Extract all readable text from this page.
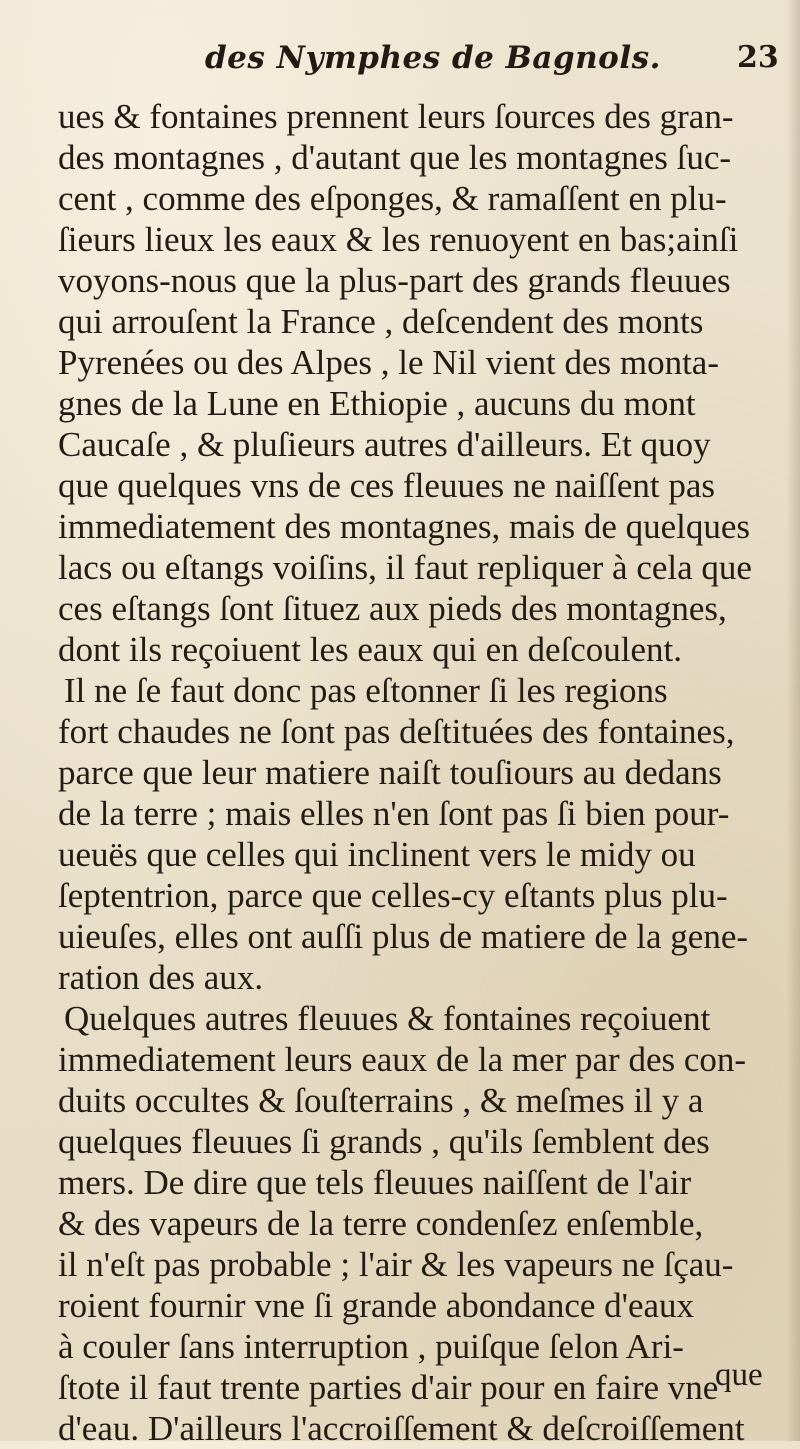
des Nymphes de Bagnols.	23
ues & fontaines prennent leurs ſources des gran-
des montagnes , d'autant que les montagnes ſuc-
cent , comme des eſponges, & ramaſſent en plu-
ſieurs lieux les eaux & les renuoyent en bas;ainſi
voyons-nous que la plus-part des grands fleuues
qui arrouſent la France , deſcendent des monts
Pyrenées ou des Alpes , le Nil vient des monta-
gnes de la Lune en Ethiopie , aucuns du mont
Caucaſe , & pluſieurs autres d'ailleurs. Et quoy
que quelques vns de ces fleuues ne naiſſent pas
immediatement des montagnes, mais de quelques
lacs ou eſtangs voiſins, il faut repliquer à cela que
ces eſtangs ſont ſituez aux pieds des montagnes,
dont ils reçoiuent les eaux qui en deſcoulent.
Il ne ſe faut donc pas eſtonner ſi les regions
fort chaudes ne ſont pas deſtituées des fontaines,
parce que leur matiere naiſt touſiours au dedans
de la terre ; mais elles n'en ſont pas ſi bien pour-
ueuës que celles qui inclinent vers le midy ou
ſeptentrion, parce que celles-cy eſtants plus plu-
uieuſes, elles ont auſſi plus de matiere de la gene-
ration des aux.
Quelques autres fleuues & fontaines reçoiuent
immediatement leurs eaux de la mer par des con-
duits occultes & ſouſterrains , & meſmes il y a
quelques fleuues ſi grands , qu'ils ſemblent des
mers. De dire que tels fleuues naiſſent de l'air
& des vapeurs de la terre condenſez enſemble,
il n'eſt pas probable ; l'air & les vapeurs ne ſçau-
roient fournir vne ſi grande abondance d'eaux
à couler ſans interruption , puiſque ſelon Ari-
ſtote il faut trente parties d'air pour en faire vne
d'eau. D'ailleurs l'accroiſſement & deſcroiſſement
que
